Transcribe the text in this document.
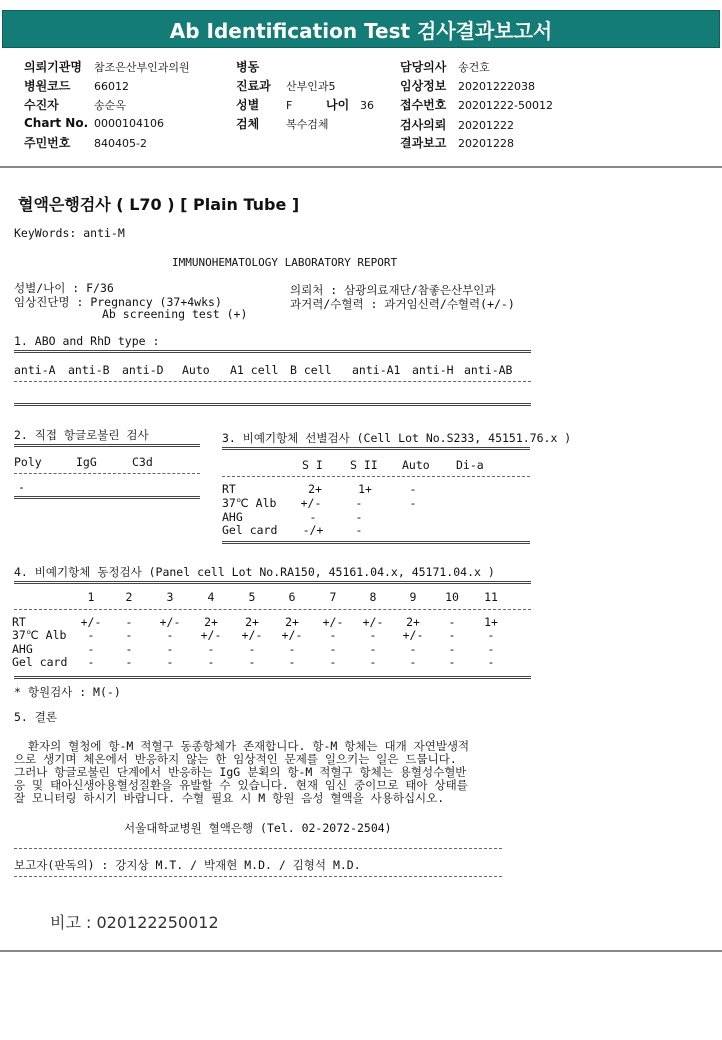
Ab Identification Test 검사결과보고서
의뢰기관명 참조은산부인과의원
병원코드 66012
수진자	송순옥
Chart No. 0000104106
주민번호 840405-2
병동
진료과 산부인과5
성별 F	나이 36
검체 복수검체
담당의사 송건호
임상정보 20201222038
접수번호 20201222-50012
검사의뢰 20201222
결과보고 20201228
혈액은행검사 ( L70 ) [ Plain Tube ]
KeyWords: anti-M
IMMUNOHEMATOLOGY LABORATORY REPORT
성별/나이 : F/36
임상진단명 : Pregnancy (37+4wks)
Ab screening test (+)
의뢰처 : 삼광의료재단/참좋은산부인과
과거력/수혈력 : 과거임신력/수혈력(+/-)
1. ABO and RhD type :
anti-A anti-B anti-D Auto A1 cell B cell anti-A1 anti-H anti-AB
2. 직접 항글로불린 검사
Poly	IgG	C3d
-
3. 비예기항체 선별검사 (Cell Lot No.S233, 45151.76.x )
S I S II Auto Di-a
RT	2+	1+	-
37℃ Alb	+/-	-	-
AHG	-	-
Gel card	-/+	-
4. 비예기항체 동정검사 (Panel cell Lot No.RA150, 45161.04.x, 45171.04.x )
1	2	3	4	5	6	7	8	9	10	11
RT	+/-	-	+/-	2+	2+	2+	+/-	+/-	2+	-	1+
37℃ Alb	-	-	-	+/-	+/-	+/-	-	-	+/-	-	-
AHG	-	-	-	-	-	-	-	-	-	-	-
Gel card	-	-	-	-	-	-	-	-	-	-	-
* 항원검사 : M(-)
5. 결론
환자의 혈청에 항-M 적혈구 동종항체가 존재합니다. 항-M 항체는 대개 자연발생적
으로 생기며 체온에서 반응하지 않는 한 임상적인 문제를 일으키는 일은 드뭅니다.
그러나 항글로불린 단계에서 반응하는 IgG 분획의 항-M 적혈구 항체는 용혈성수혈반
응 및 태아신생아용혈성질환을 유발할 수 있습니다. 현재 임신 중이므로 태아 상태를
잘 모니터링 하시기 바랍니다. 수혈 필요 시 M 항원 음성 혈액을 사용하십시오.
서울대학교병원 혈액은행 (Tel. 02-2072-2504)
보고자(판독의) : 강지상 M.T. / 박재현 M.D. / 김형석 M.D.
비고 : 020122250012
